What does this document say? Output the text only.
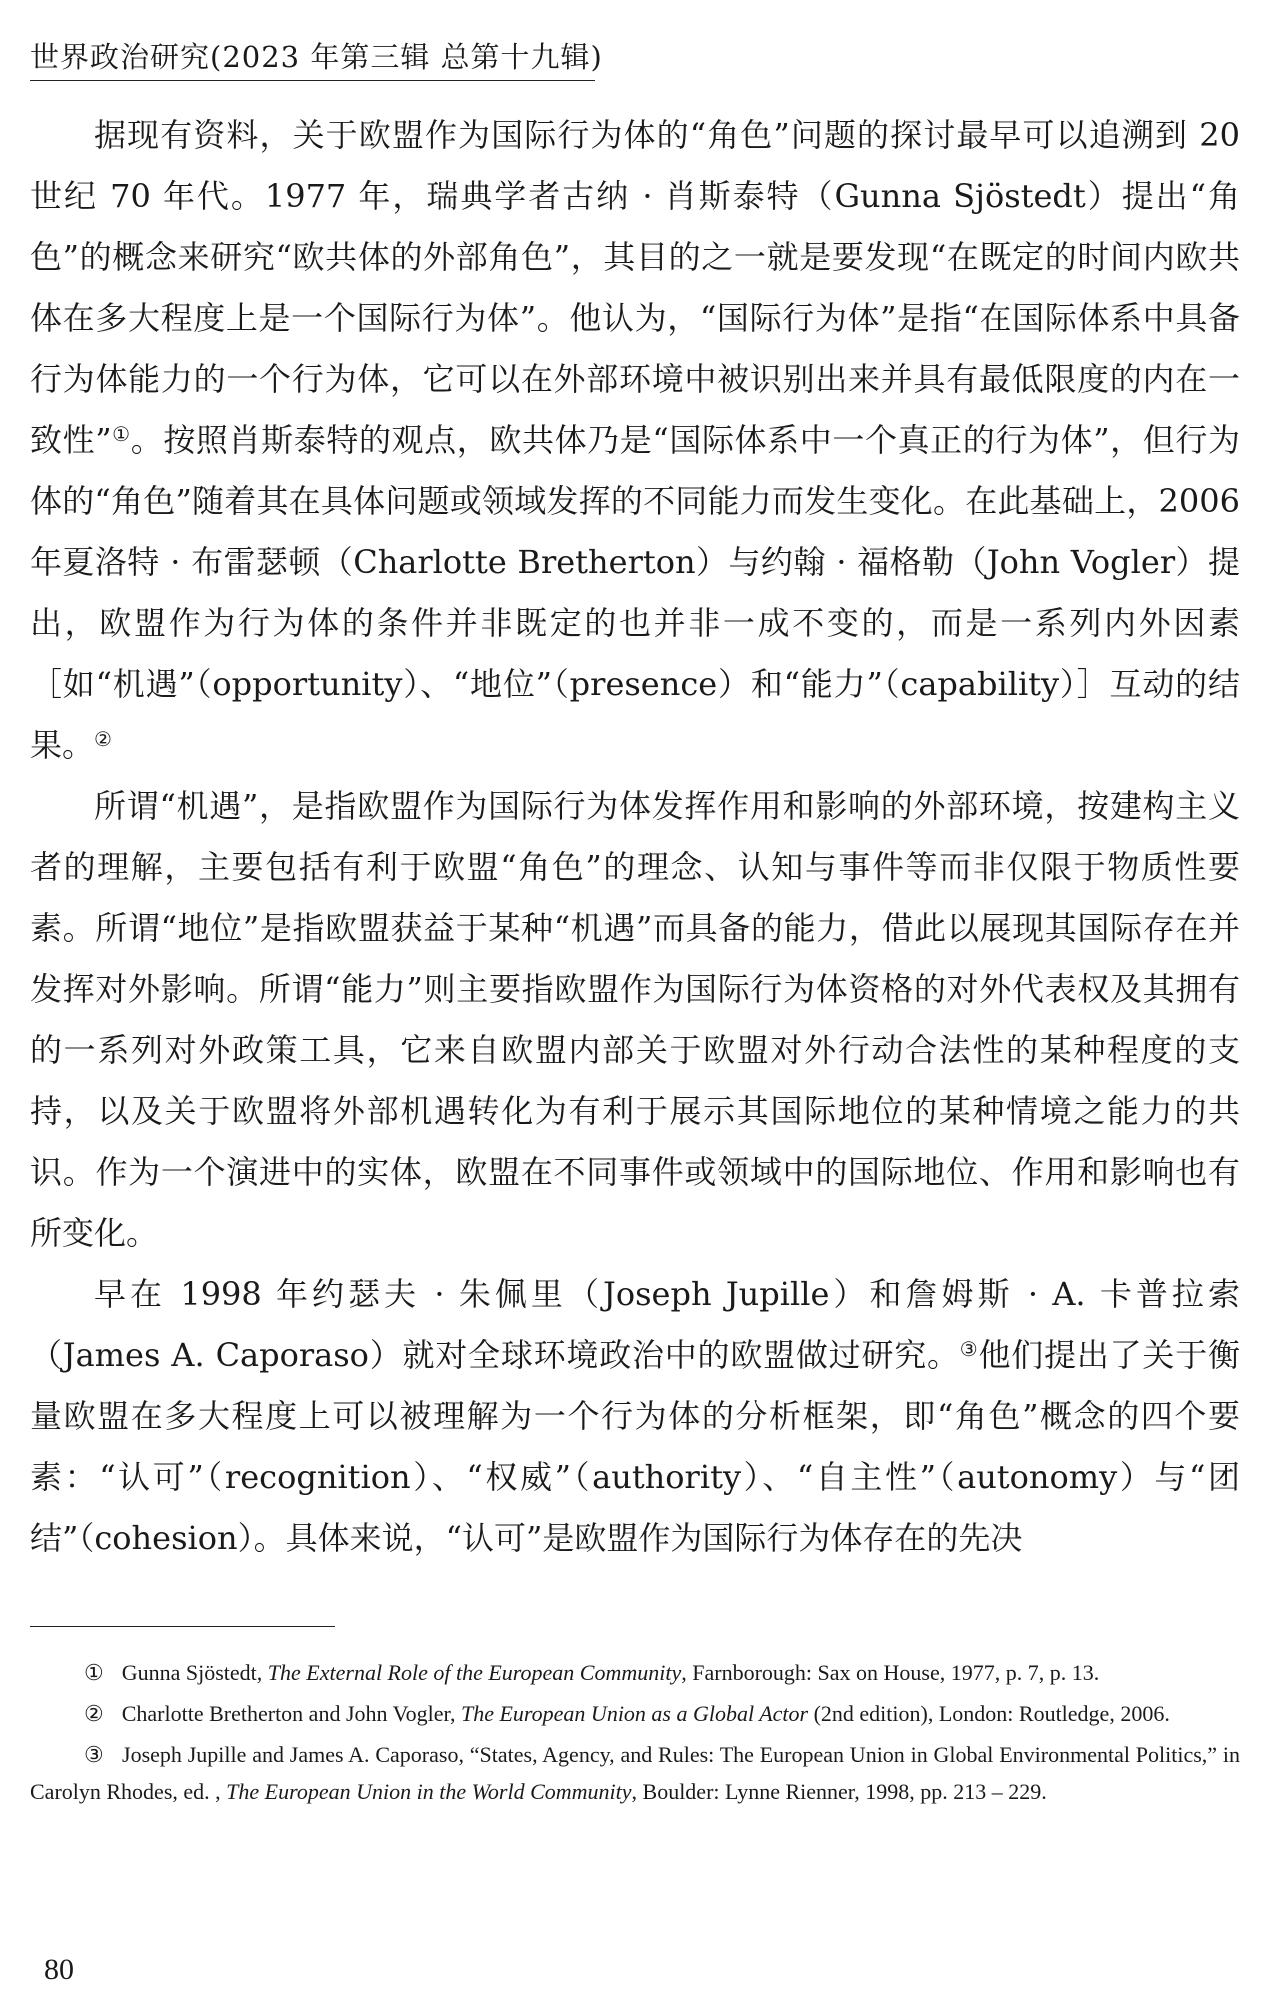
世界政治研究(2023 年第三辑 总第十九辑)

据现有资料，关于欧盟作为国际行为体的“角色”问题的探讨最早可以追溯到 20 世纪 70 年代。1977 年，瑞典学者古纳 · 肖斯泰特（Gunna Sjöstedt）提出“角色”的概念来研究“欧共体的外部角色”，其目的之一就是要发现“在既定的时间内欧共体在多大程度上是一个国际行为体”。他认为，“国际行为体”是指“在国际体系中具备行为体能力的一个行为体，它可以在外部环境中被识别出来并具有最低限度的内在一致性”①。按照肖斯泰特的观点，欧共体乃是“国际体系中一个真正的行为体”，但行为体的“角色”随着其在具体问题或领域发挥的不同能力而发生变化。在此基础上，2006 年夏洛特 · 布雷瑟顿（Charlotte Bretherton）与约翰 · 福格勒（John Vogler）提出，欧盟作为行为体的条件并非既定的也并非一成不变的，而是一系列内外因素［如“机遇”（opportunity）、“地位”（presence）和“能力”（capability）］互动的结果。②

所谓“机遇”，是指欧盟作为国际行为体发挥作用和影响的外部环境，按建构主义者的理解，主要包括有利于欧盟“角色”的理念、认知与事件等而非仅限于物质性要素。所谓“地位”是指欧盟获益于某种“机遇”而具备的能力，借此以展现其国际存在并发挥对外影响。所谓“能力”则主要指欧盟作为国际行为体资格的对外代表权及其拥有的一系列对外政策工具，它来自欧盟内部关于欧盟对外行动合法性的某种程度的支持，以及关于欧盟将外部机遇转化为有利于展示其国际地位的某种情境之能力的共识。作为一个演进中的实体，欧盟在不同事件或领域中的国际地位、作用和影响也有所变化。

早在 1998 年约瑟夫 · 朱佩里（Joseph Jupille）和詹姆斯 · A. 卡普拉索（James A. Caporaso）就对全球环境政治中的欧盟做过研究。③他们提出了关于衡量欧盟在多大程度上可以被理解为一个行为体的分析框架，即“角色”概念的四个要素：“认可”（recognition）、“权威”（authority）、“自主性”（autonomy）与“团结”（cohesion）。具体来说，“认可”是欧盟作为国际行为体存在的先决

① Gunna Sjöstedt, The External Role of the European Community, Farnborough: Sax on House, 1977, p. 7, p. 13.

② Charlotte Bretherton and John Vogler, The European Union as a Global Actor (2nd edition), London: Routledge, 2006.

③ Joseph Jupille and James A. Caporaso, “States, Agency, and Rules: The European Union in Global Environmental Politics,” in Carolyn Rhodes, ed. , The European Union in the World Community, Boulder: Lynne Rienner, 1998, pp. 213 – 229.

80
